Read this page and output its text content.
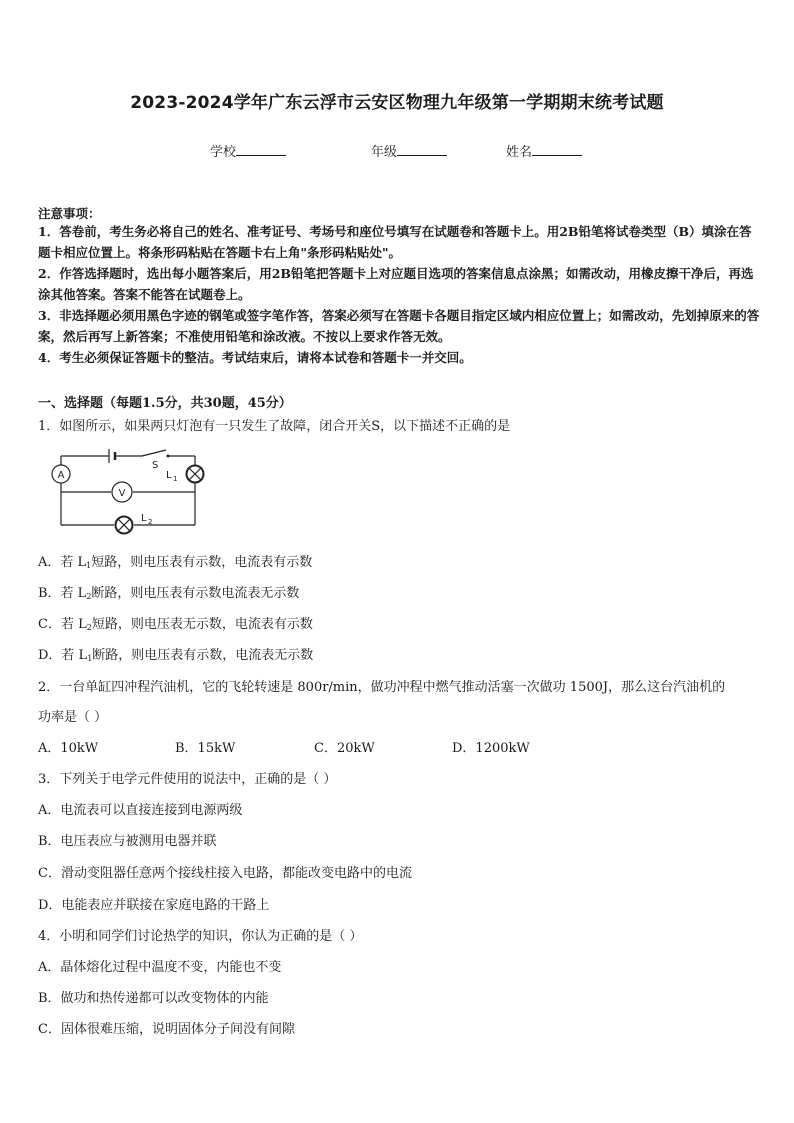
2023-2024学年广东云浮市云安区物理九年级第一学期期末统考试题
学校	年级	姓名
注意事项：
1．答卷前，考生务必将自己的姓名、准考证号、考场号和座位号填写在试题卷和答题卡上。用2B铅笔将试卷类型（B）填涂在答题卡相应位置上。将条形码粘贴在答题卡右上角"条形码粘贴处"。
2．作答选择题时，选出每小题答案后，用2B铅笔把答题卡上对应题目选项的答案信息点涂黑；如需改动，用橡皮擦干净后，再选涂其他答案。答案不能答在试题卷上。
3．非选择题必须用黑色字迹的钢笔或签字笔作答，答案必须写在答题卡各题目指定区域内相应位置上；如需改动，先划掉原来的答案，然后再写上新答案；不准使用铅笔和涂改液。不按以上要求作答无效。
4．考生必须保证答题卡的整洁。考试结束后，请将本试卷和答题卡一并交回。
一、选择题（每题1.5分，共30题，45分）
1．如图所示，如果两只灯泡有一只发生了故障，闭合开关S，以下描述不正确的是
A
V
S
L 1
L 2
A．若 $L_1$短路，则电压表有示数，电流表有示数
B．若 $L_2$断路，则电压表有示数电流表无示数
C．若 $L_2$短路，则电压表无示数，电流表有示数
D．若 $L_1$断路，则电压表有示数，电流表无示数
2．一台单缸四冲程汽油机，它的飞轮转速是 800r/min，做功冲程中燃气推动活塞一次做功 1500J，那么这台汽油机的
功率是（ ）
A．10kW	B．15kW	C．20kW	D．1200kW
3．下列关于电学元件使用的说法中，正确的是（ ）
A．电流表可以直接连接到电源两级
B．电压表应与被测用电器并联
C．滑动变阻器任意两个接线柱接入电路，都能改变电路中的电流
D．电能表应并联接在家庭电路的干路上
4．小明和同学们讨论热学的知识，你认为正确的是（ ）
A．晶体熔化过程中温度不变，内能也不变
B．做功和热传递都可以改变物体的内能
C．固体很难压缩，说明固体分子间没有间隙
